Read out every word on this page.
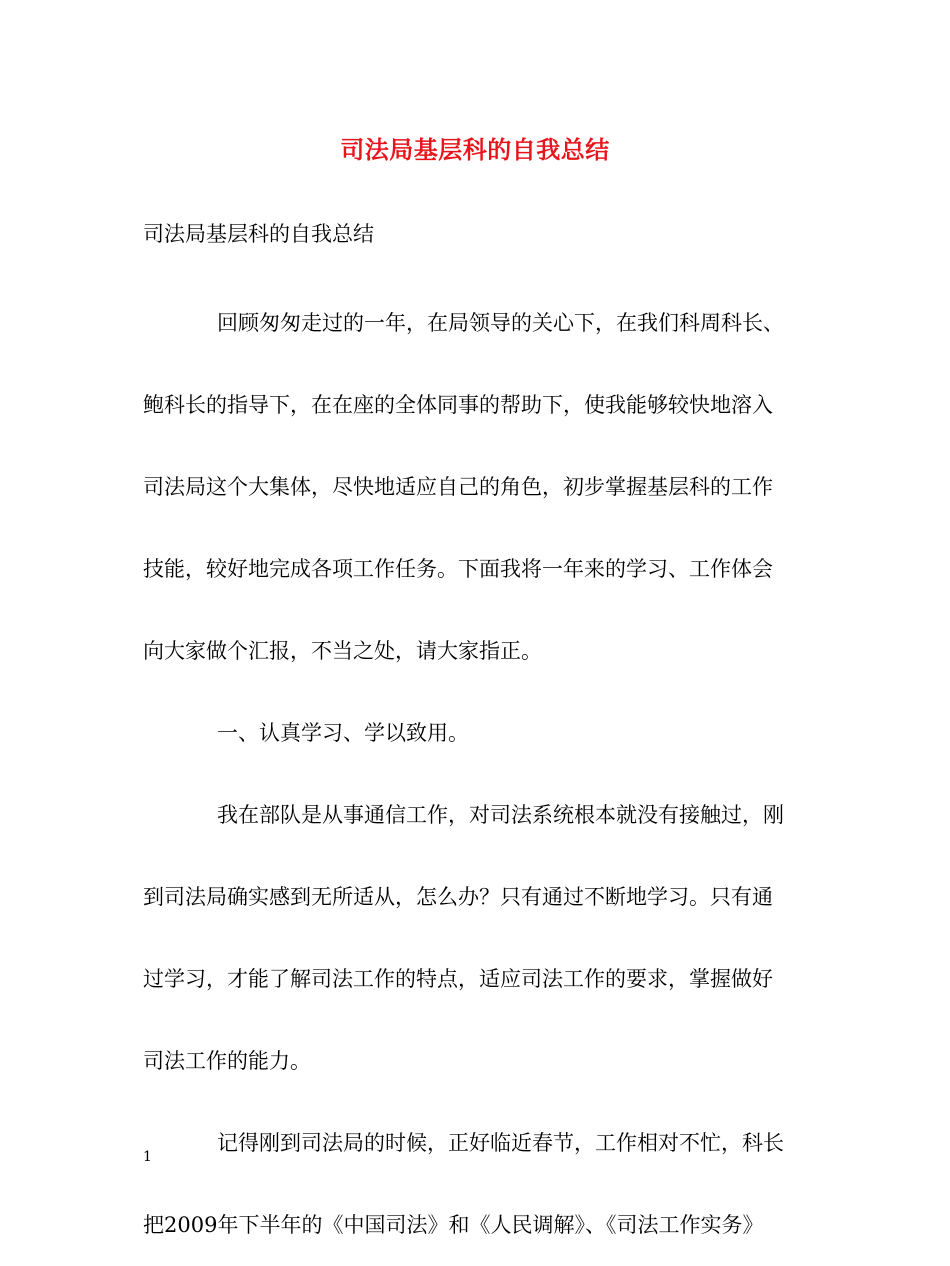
司法局基层科的自我总结
司法局基层科的自我总结
回顾匆匆走过的一年，在局领导的关心下，在我们科周科长、
鲍科长的指导下，在在座的全体同事的帮助下，使我能够较快地溶入
司法局这个大集体，尽快地适应自己的角色，初步掌握基层科的工作
技能，较好地完成各项工作任务。下面我将一年来的学习、工作体会
向大家做个汇报，不当之处，请大家指正。
一、认真学习、学以致用。
我在部队是从事通信工作，对司法系统根本就没有接触过，刚
到司法局确实感到无所适从，怎么办？只有通过不断地学习。只有通
过学习，才能了解司法工作的特点，适应司法工作的要求，掌握做好
司法工作的能力。
记得刚到司法局的时候，正好临近春节，工作相对不忙，科长
把2009年下半年的《中国司法》和《人民调解》、《司法工作实务》
1
